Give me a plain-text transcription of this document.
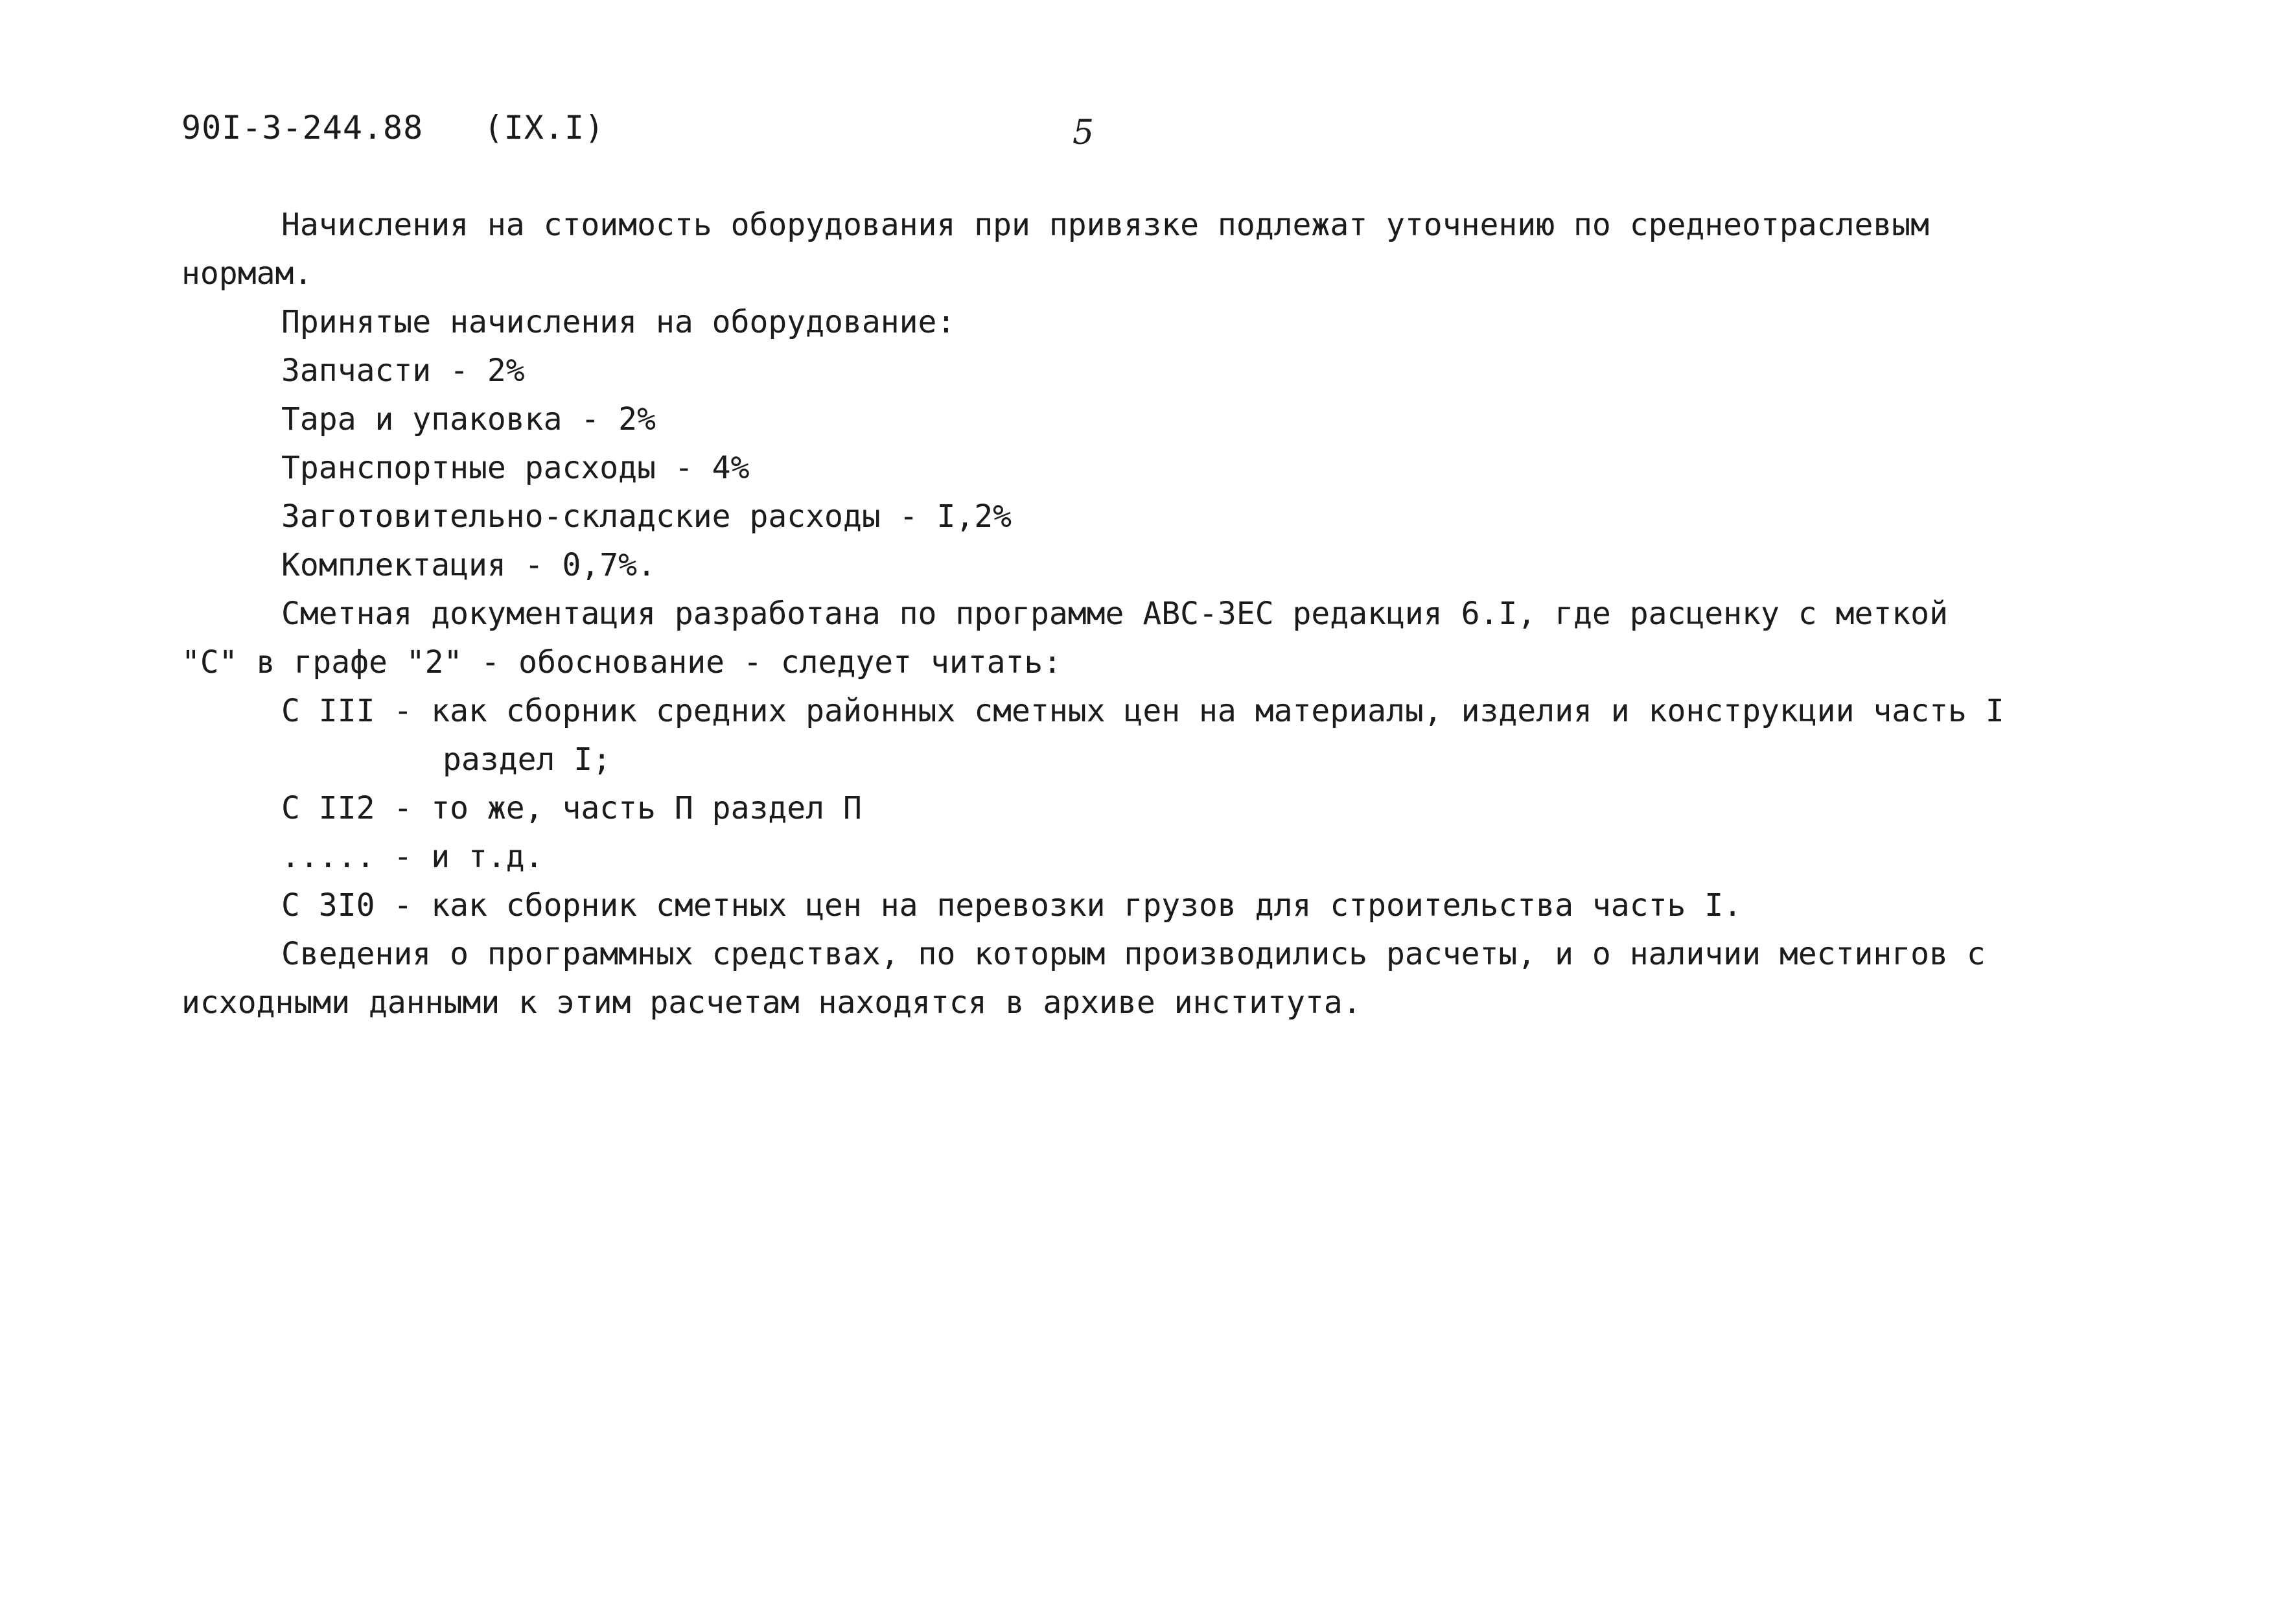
90I-3-244.88   (IX.I)	5
Начисления на стоимость оборудования при привязке подлежат уточнению по среднеотраслевым
нормам.
Принятые начисления на оборудование:
Запчасти - 2%
Тара и упаковка - 2%
Транспортные расходы - 4%
Заготовительно-складские расходы - I,2%
Комплектация - 0,7%.
Сметная документация разработана по программе АВС-ЗЕС редакция 6.I, где расценку с меткой
"С" в графе "2" - обоснование - следует читать:
С III - как сборник средних районных сметных цен на материалы, изделия и конструкции часть I
раздел I;
С II2 - то же, часть П раздел П
..... - и т.д.
С 3I0 - как сборник сметных цен на перевозки грузов для строительства часть I.
Сведения о программных средствах, по которым производились расчеты, и о наличии местингов с
исходными данными к этим расчетам находятся в архиве института.
